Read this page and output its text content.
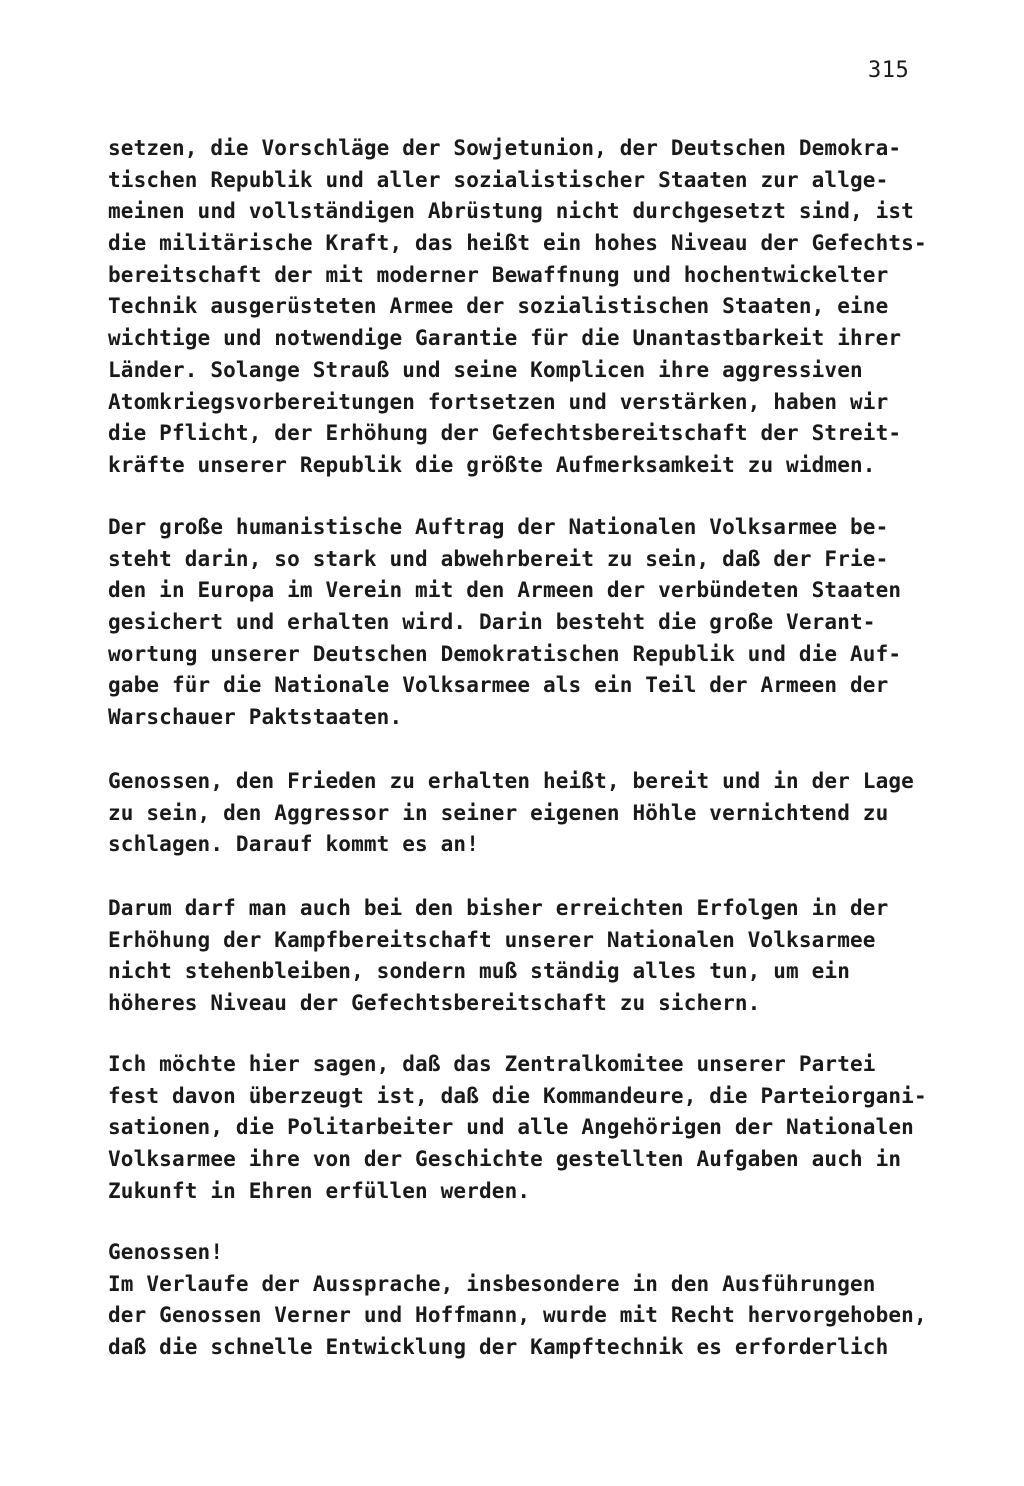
315
setzen, die Vorschläge der Sowjetunion, der Deutschen Demokra-
tischen Republik und aller sozialistischer Staaten zur allge-
meinen und vollständigen Abrüstung nicht durchgesetzt sind, ist
die militärische Kraft, das heißt ein hohes Niveau der Gefechts-
bereitschaft der mit moderner Bewaffnung und hochentwickelter
Technik ausgerüsteten Armee der sozialistischen Staaten, eine
wichtige und notwendige Garantie für die Unantastbarkeit ihrer
Länder. Solange Strauß und seine Komplicen ihre aggressiven
Atomkriegsvorbereitungen fortsetzen und verstärken, haben wir
die Pflicht, der Erhöhung der Gefechtsbereitschaft der Streit-
kräfte unserer Republik die größte Aufmerksamkeit zu widmen.
Der große humanistische Auftrag der Nationalen Volksarmee be-
steht darin, so stark und abwehrbereit zu sein, daß der Frie-
den in Europa im Verein mit den Armeen der verbündeten Staaten
gesichert und erhalten wird. Darin besteht die große Verant-
wortung unserer Deutschen Demokratischen Republik und die Auf-
gabe für die Nationale Volksarmee als ein Teil der Armeen der
Warschauer Paktstaaten.
Genossen, den Frieden zu erhalten heißt, bereit und in der Lage
zu sein, den Aggressor in seiner eigenen Höhle vernichtend zu
schlagen. Darauf kommt es an!
Darum darf man auch bei den bisher erreichten Erfolgen in der
Erhöhung der Kampfbereitschaft unserer Nationalen Volksarmee
nicht stehenbleiben, sondern muß ständig alles tun, um ein
höheres Niveau der Gefechtsbereitschaft zu sichern.
Ich möchte hier sagen, daß das Zentralkomitee unserer Partei
fest davon überzeugt ist, daß die Kommandeure, die Parteiorgani-
sationen, die Politarbeiter und alle Angehörigen der Nationalen
Volksarmee ihre von der Geschichte gestellten Aufgaben auch in
Zukunft in Ehren erfüllen werden.
Genossen!
Im Verlaufe der Aussprache, insbesondere in den Ausführungen
der Genossen Verner und Hoffmann, wurde mit Recht hervorgehoben,
daß die schnelle Entwicklung der Kampftechnik es erforderlich
